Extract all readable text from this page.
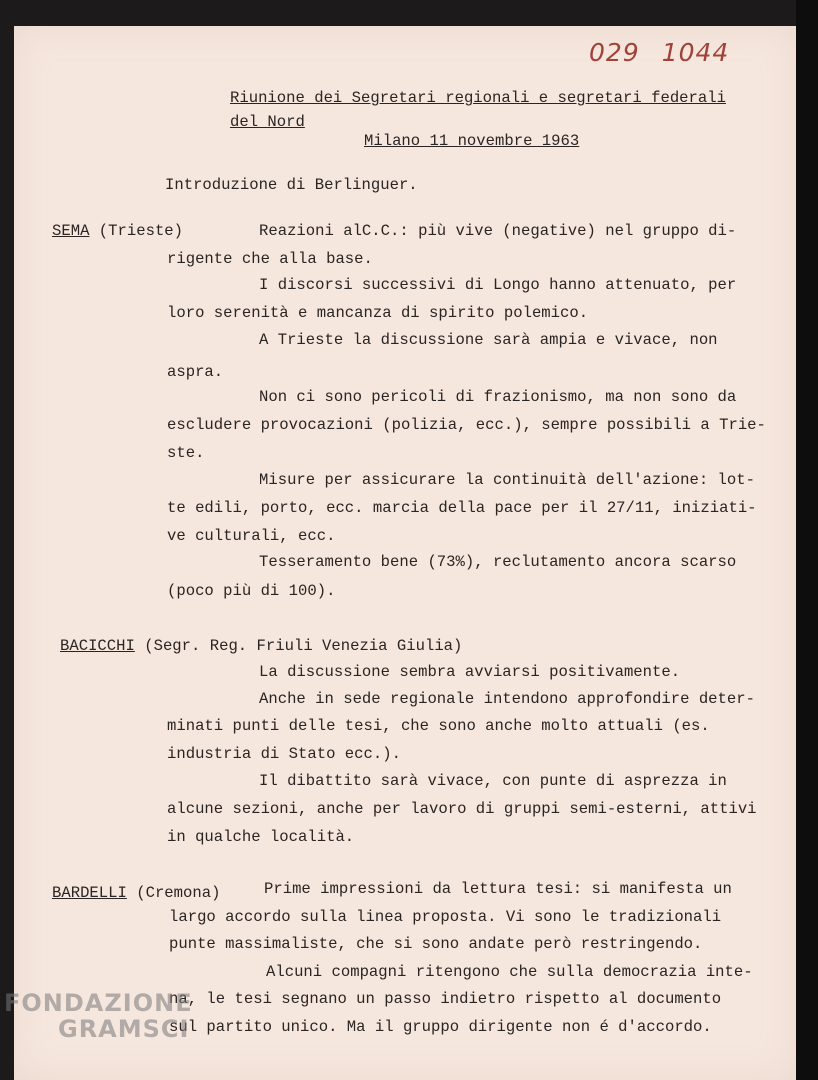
029 1044
Riunione dei Segretari regionali e segretari federali
del Nord
Milano 11 novembre 1963
Introduzione di Berlinguer.
SEMA (Trieste)	Reazioni alC.C.: più vive (negative) nel gruppo di-
rigente che alla base.
I discorsi successivi di Longo hanno attenuato, per
loro serenità e mancanza di spirito polemico.
A Trieste la discussione sarà ampia e vivace, non
aspra.
Non ci sono pericoli di frazionismo, ma non sono da
escludere provocazioni (polizia, ecc.), sempre possibili a Trie-
ste.
Misure per assicurare la continuità dell'azione: lot-
te edili, porto, ecc. marcia della pace per il 27/11, iniziati-
ve culturali, ecc.
Tesseramento bene (73%), reclutamento ancora scarso
(poco più di 100).
BACICCHI (Segr. Reg. Friuli Venezia Giulia)
La discussione sembra avviarsi positivamente.
Anche in sede regionale intendono approfondire deter-
minati punti delle tesi, che sono anche molto attuali (es.
industria di Stato ecc.).
Il dibattito sarà vivace, con punte di asprezza in
alcune sezioni, anche per lavoro di gruppi semi-esterni, attivi
in qualche località.
BARDELLI (Cremona)	Prime impressioni da lettura tesi: si manifesta un
largo accordo sulla linea proposta. Vi sono le tradizionali
punte massimaliste, che si sono andate però restringendo.
Alcuni compagni ritengono che sulla democrazia inte-
na, le tesi segnano un passo indietro rispetto al documento
sul partito unico. Ma il gruppo dirigente non é d'accordo.
FONDAZIONE
GRAMSCI
